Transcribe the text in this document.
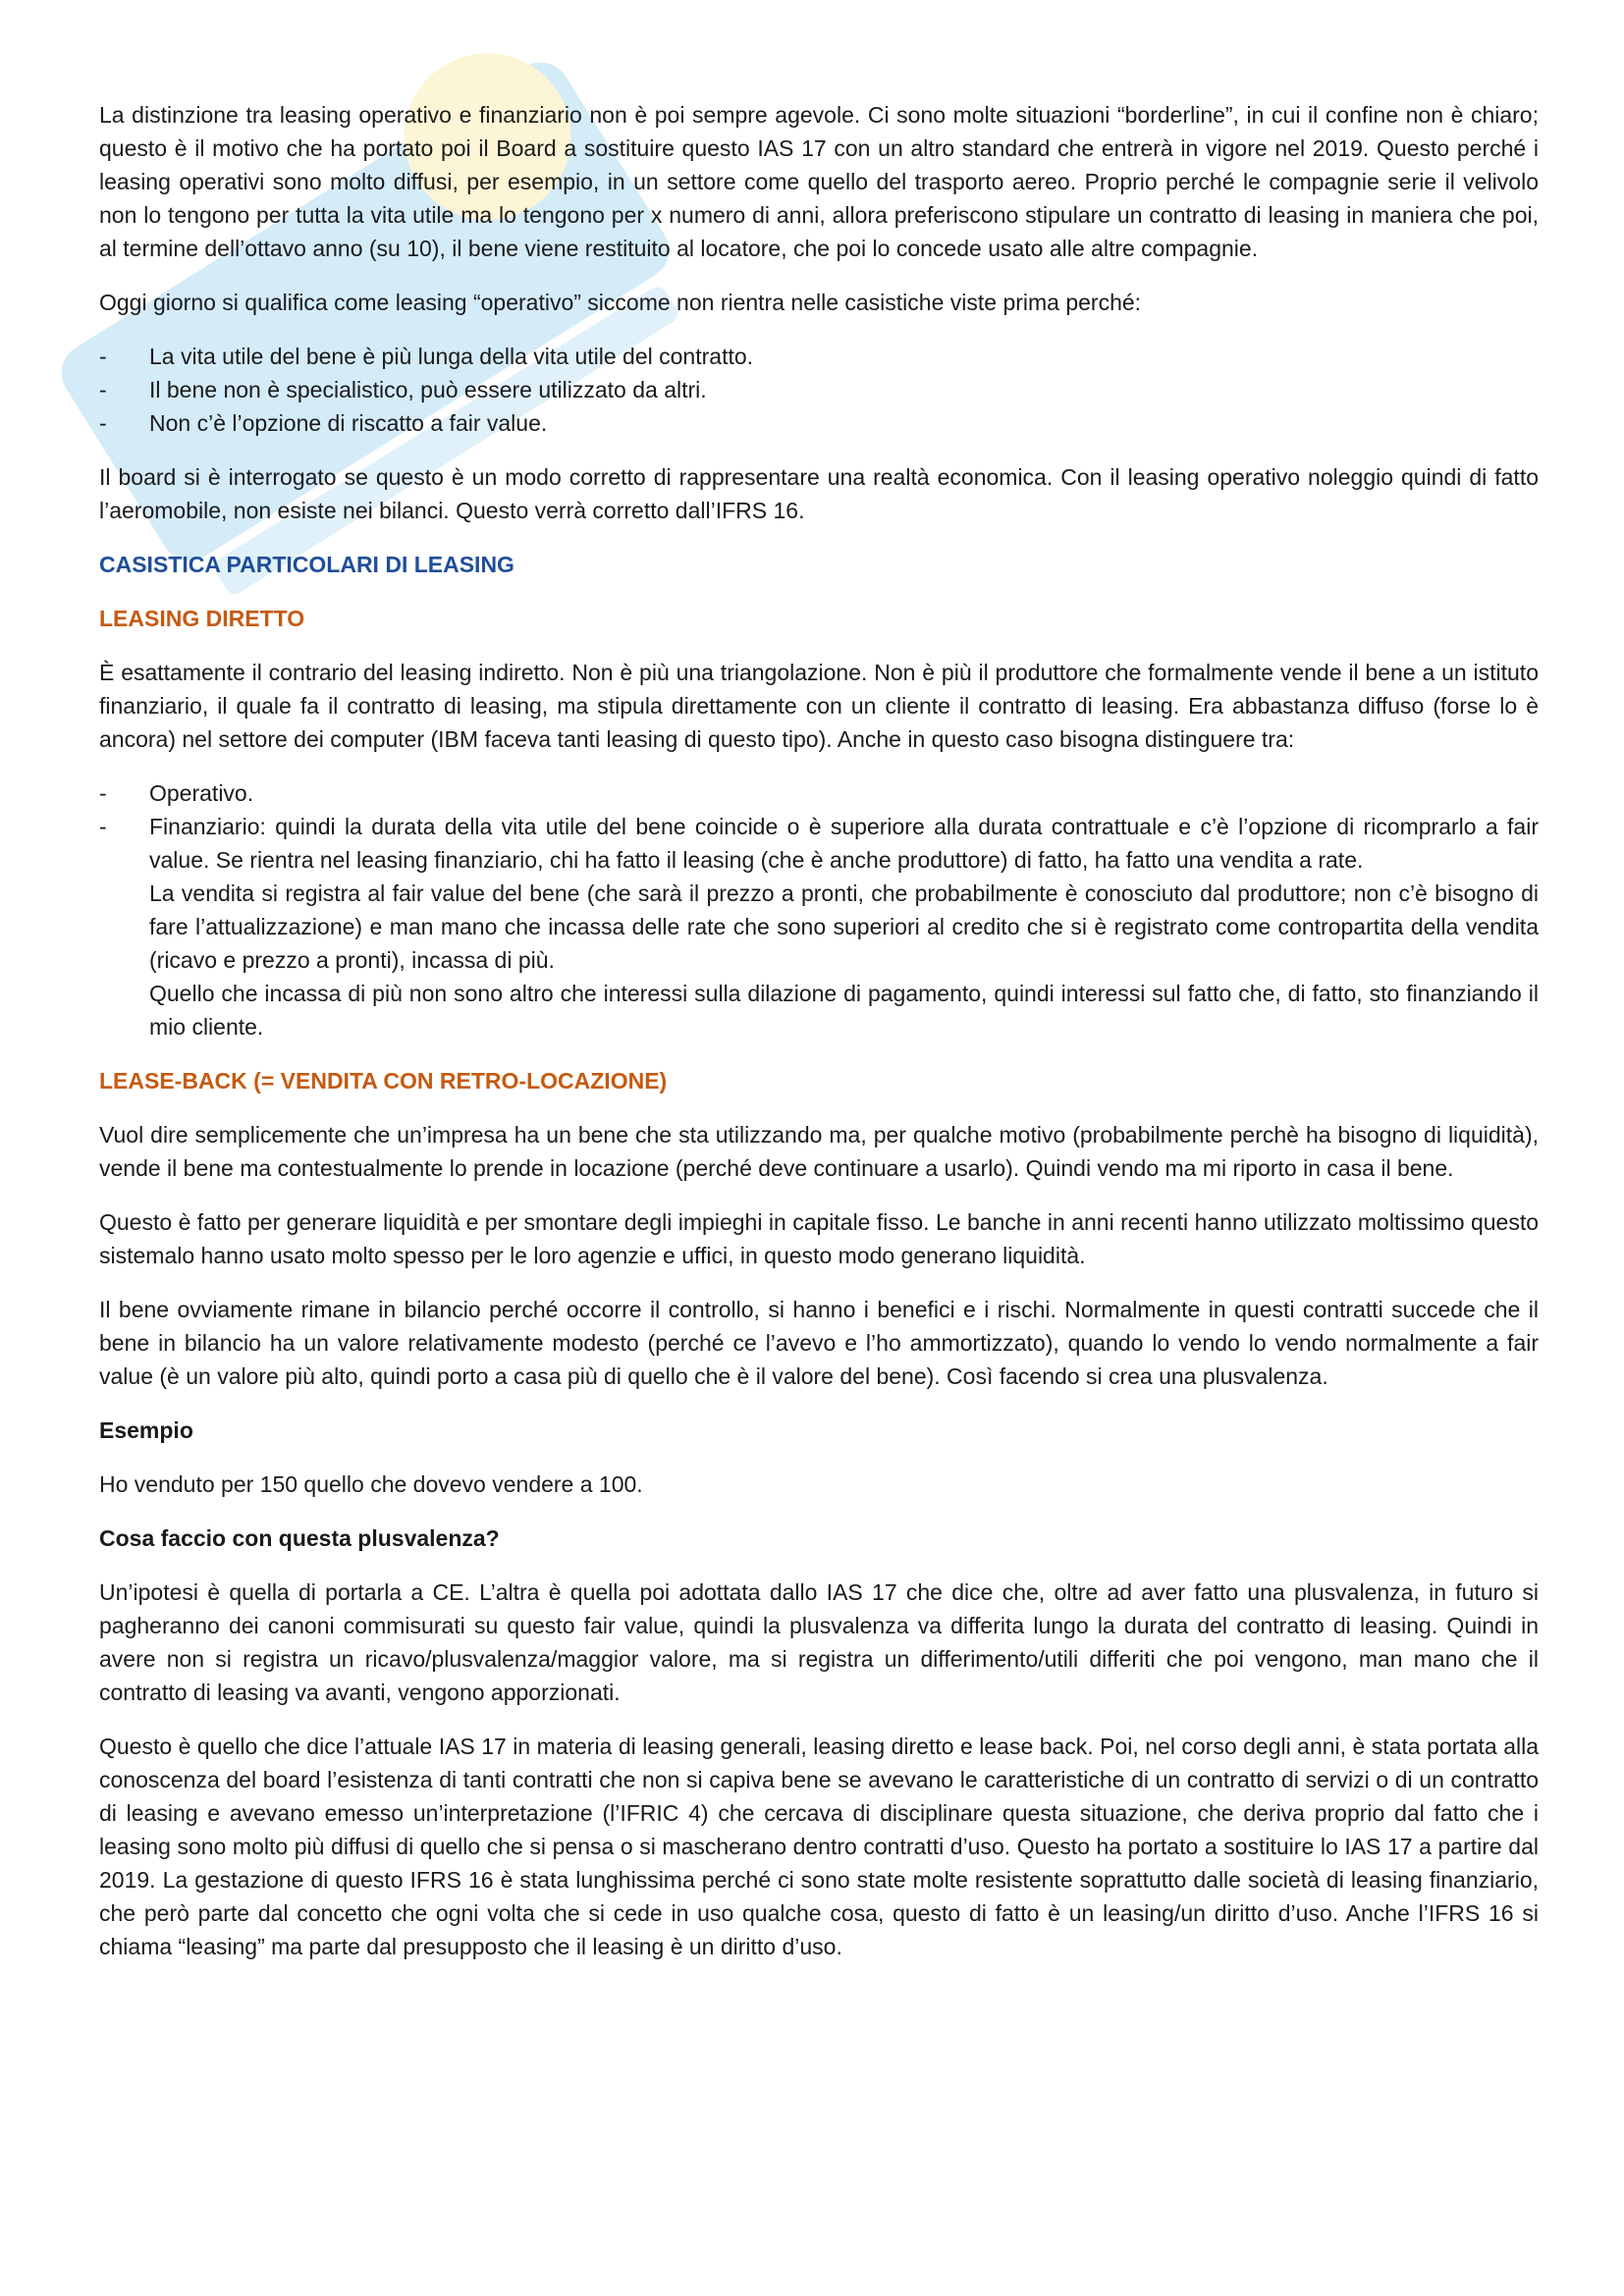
La distinzione tra leasing operativo e finanziario non è poi sempre agevole. Ci sono molte situazioni “borderline”, in cui il confine non è chiaro; questo è il motivo che ha portato poi il Board a sostituire questo IAS 17 con un altro standard che entrerà in vigore nel 2019. Questo perché i leasing operativi sono molto diffusi, per esempio, in un settore come quello del trasporto aereo. Proprio perché le compagnie serie il velivolo non lo tengono per tutta la vita utile ma lo tengono per x numero di anni, allora preferiscono stipulare un contratto di leasing in maniera che poi, al termine dell’ottavo anno (su 10), il bene viene restituito al locatore, che poi lo concede usato alle altre compagnie.

Oggi giorno si qualifica come leasing “operativo” siccome non rientra nelle casistiche viste prima perché:

- La vita utile del bene è più lunga della vita utile del contratto.
- Il bene non è specialistico, può essere utilizzato da altri.
- Non c’è l’opzione di riscatto a fair value.

Il board si è interrogato se questo è un modo corretto di rappresentare una realtà economica. Con il leasing operativo noleggio quindi di fatto l’aeromobile, non esiste nei bilanci. Questo verrà corretto dall’IFRS 16.

CASISTICA PARTICOLARI DI LEASING
LEASING DIRETTO

È esattamente il contrario del leasing indiretto. Non è più una triangolazione. Non è più il produttore che formalmente vende il bene a un istituto finanziario, il quale fa il contratto di leasing, ma stipula direttamente con un cliente il contratto di leasing. Era abbastanza diffuso (forse lo è ancora) nel settore dei computer (IBM faceva tanti leasing di questo tipo). Anche in questo caso bisogna distinguere tra:

- Operativo.
- Finanziario: quindi la durata della vita utile del bene coincide o è superiore alla durata contrattuale e c’è l’opzione di ricomprarlo a fair value. Se rientra nel leasing finanziario, chi ha fatto il leasing (che è anche produttore) di fatto, ha fatto una vendita a rate.
La vendita si registra al fair value del bene (che sarà il prezzo a pronti, che probabilmente è conosciuto dal produttore; non c’è bisogno di fare l’attualizzazione) e man mano che incassa delle rate che sono superiori al credito che si è registrato come contropartita della vendita (ricavo e prezzo a pronti), incassa di più.
Quello che incassa di più non sono altro che interessi sulla dilazione di pagamento, quindi interessi sul fatto che, di fatto, sto finanziando il mio cliente.
LEASE-BACK (= VENDITA CON RETRO-LOCAZIONE)

Vuol dire semplicemente che un’impresa ha un bene che sta utilizzando ma, per qualche motivo (probabilmente perchè ha bisogno di liquidità), vende il bene ma contestualmente lo prende in locazione (perché deve continuare a usarlo). Quindi vendo ma mi riporto in casa il bene.

Questo è fatto per generare liquidità e per smontare degli impieghi in capitale fisso. Le banche in anni recenti hanno utilizzato moltissimo questo sistemalo hanno usato molto spesso per le loro agenzie e uffici, in questo modo generano liquidità.

Il bene ovviamente rimane in bilancio perché occorre il controllo, si hanno i benefici e i rischi. Normalmente in questi contratti succede che il bene in bilancio ha un valore relativamente modesto (perché ce l’avevo e l’ho ammortizzato), quando lo vendo lo vendo normalmente a fair value (è un valore più alto, quindi porto a casa più di quello che è il valore del bene). Così facendo si crea una plusvalenza.

Esempio

Ho venduto per 150 quello che dovevo vendere a 100.

Cosa faccio con questa plusvalenza?

Un’ipotesi è quella di portarla a CE. L’altra è quella poi adottata dallo IAS 17 che dice che, oltre ad aver fatto una plusvalenza, in futuro si pagheranno dei canoni commisurati su questo fair value, quindi la plusvalenza va differita lungo la durata del contratto di leasing. Quindi in avere non si registra un ricavo/plusvalenza/maggior valore, ma si registra un differimento/utili differiti che poi vengono, man mano che il contratto di leasing va avanti, vengono apporzionati.

Questo è quello che dice l’attuale IAS 17 in materia di leasing generali, leasing diretto e lease back. Poi, nel corso degli anni, è stata portata alla conoscenza del board l’esistenza di tanti contratti che non si capiva bene se avevano le caratteristiche di un contratto di servizi o di un contratto di leasing e avevano emesso un’interpretazione (l’IFRIC 4) che cercava di disciplinare questa situazione, che deriva proprio dal fatto che i leasing sono molto più diffusi di quello che si pensa o si mascherano dentro contratti d’uso. Questo ha portato a sostituire lo IAS 17 a partire dal 2019. La gestazione di questo IFRS 16 è stata lunghissima perché ci sono state molte resistente soprattutto dalle società di leasing finanziario, che però parte dal concetto che ogni volta che si cede in uso qualche cosa, questo di fatto è un leasing/un diritto d’uso. Anche l’IFRS 16 si chiama “leasing” ma parte dal presupposto che il leasing è un diritto d’uso.
